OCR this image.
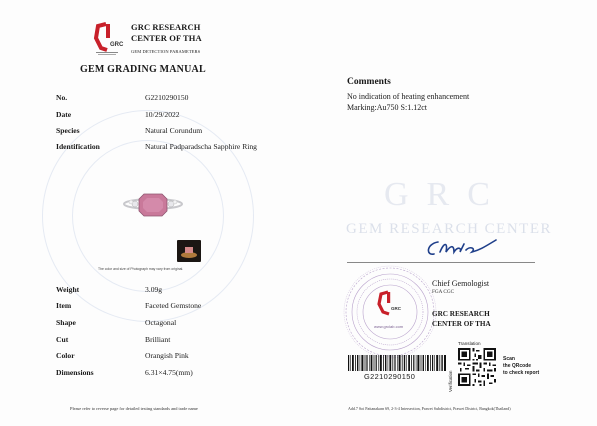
GRC
GEM RESEARCH CENTER
GRC
GRC RESEARCH
CENTER OF THA
GEM DETECTION PARAMETERS
GEM GRADING MANUAL
No.	G2210290150
Date	10/29/2022
Species	Natural Corundum
Identification	Natural Padparadscha Sapphire Ring
The color and size of Photograph may vary from original.
Weight	3.09g
Item	Faceted Gemstone
Shape	Octagonal
Cut	Brilliant
Color	Orangish Pink
Dimensions	6.31×4.75(mm)
Please refer to reverse page for detailed testing standards and trade name
Comments
No indication of heating enhancement
Marking:Au750 S:1.12ct
GRC
www.grclab.com
Chief Gemologist
FGA CGC
GRC RESEARCH
CENTER OF THA
G2210290150
Translation
Verification
Scan
the QRcode
to check report
Add.7 Soi Pattanakarn 69, 2-3-4 Intersection, Prawet Subdistrict, Prawet District, Bangkok(Thailand)
